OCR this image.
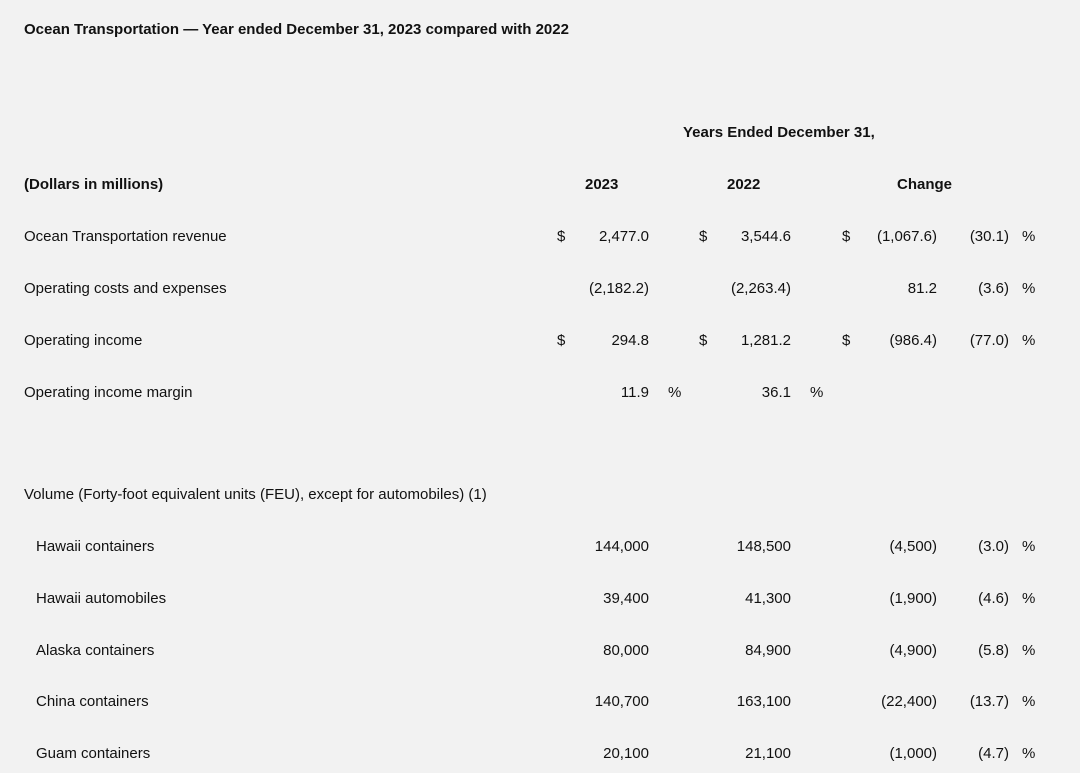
Ocean Transportation — Year ended December 31, 2023 compared with 2022
Years Ended December 31,
(Dollars in millions)	2023	2022	Change
Ocean Transportation revenue	$ 2,477.0	$ 3,544.6	$ (1,067.6) (30.1) %
Operating costs and expenses	(2,182.2)	(2,263.4)	81.2	(3.6) %
Operating income	$	294.8	$ 1,281.2	$	(986.4) (77.0) %
Operating income margin	11.9 %	36.1 %
Volume (Forty-foot equivalent units (FEU), except for automobiles) (1)
Hawaii containers	144,000	148,500	(4,500)	(3.0) %
Hawaii automobiles	39,400	41,300	(1,900)	(4.6) %
Alaska containers	80,000	84,900	(4,900)	(5.8) %
China containers	140,700	163,100	(22,400) (13.7) %
Guam containers	20,100	21,100	(1,000)	(4.7) %
